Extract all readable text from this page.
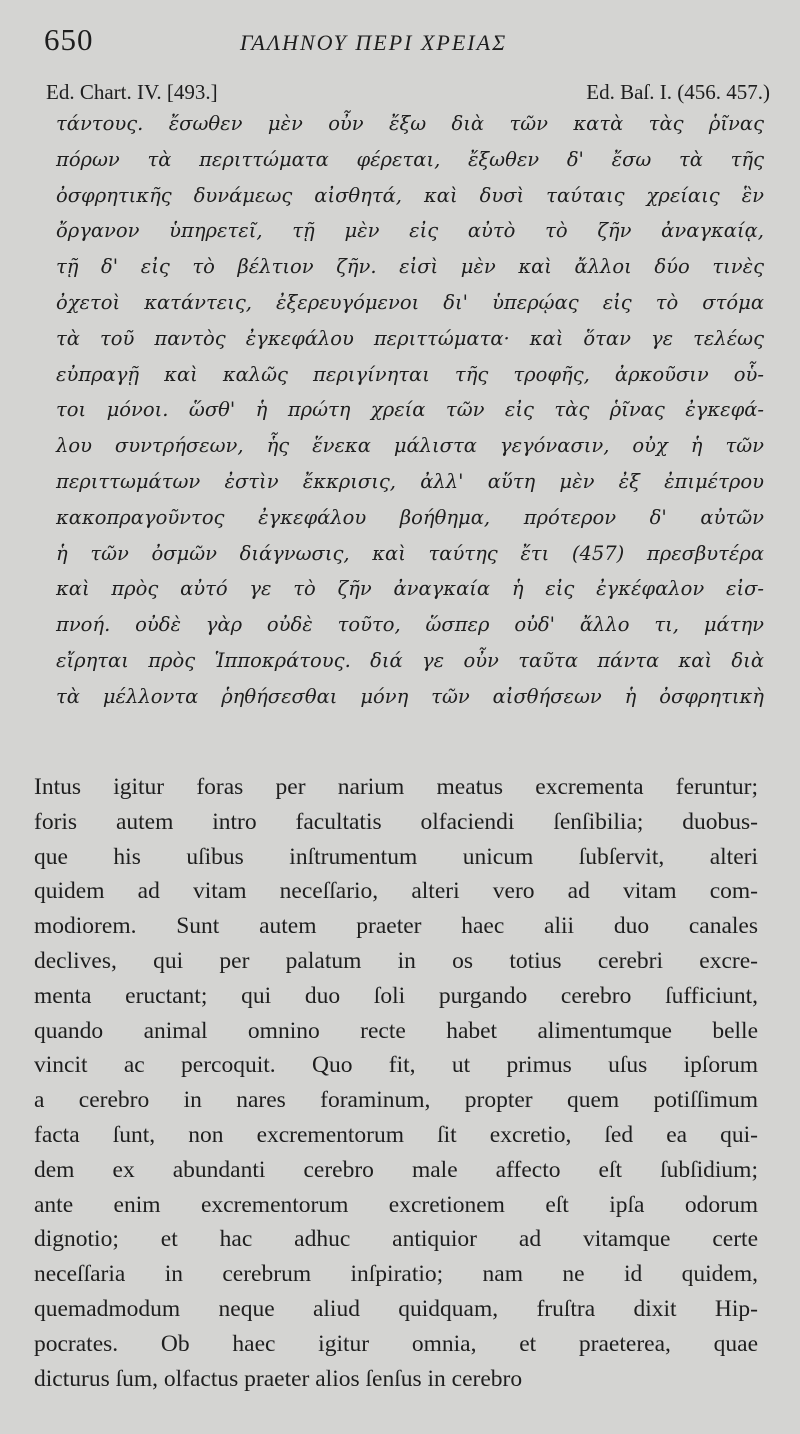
650	ΓΑΛΗΝΟΥ ΠΕΡΙ ΧΡΕΙΑΣ
Ed. Chart. IV. [493.]	Ed. Baſ. I. (456. 457.)
τάντους. ἔσωθεν μὲν οὖν ἔξω διὰ τῶν κατὰ τὰς ῥῖνας
πόρων τὰ περιττώματα φέρεται, ἔξωθεν δ' ἔσω τὰ τῆς
ὀσφρητικῆς δυνάμεως αἰσθητά, καὶ δυσὶ ταύταις χρείαις ἓν
ὄργανον ὑπηρετεῖ, τῇ μὲν εἰς αὐτὸ τὸ ζῆν ἀναγκαίᾳ,
τῇ δ' εἰς τὸ βέλτιον ζῆν. εἰσὶ μὲν καὶ ἄλλοι δύο τινὲς
ὀχετοὶ κατάντεις, ἐξερευγόμενοι δι' ὑπερῴας εἰς τὸ στόμα
τὰ τοῦ παντὸς ἐγκεφάλου περιττώματα· καὶ ὅταν γε τελέως
εὐπραγῇ καὶ καλῶς περιγίνηται τῆς τροφῆς, ἀρκοῦσιν οὗ-
τοι μόνοι. ὥσθ' ἡ πρώτη χρεία τῶν εἰς τὰς ῥῖνας ἐγκεφά-
λου συντρήσεων, ἧς ἕνεκα μάλιστα γεγόνασιν, οὐχ ἡ τῶν
περιττωμάτων ἐστὶν ἔκκρισις, ἀλλ' αὕτη μὲν ἐξ ἐπιμέτρου
κακοπραγοῦντος ἐγκεφάλου βοήθημα, πρότερον δ' αὐτῶν
ἡ τῶν ὀσμῶν διάγνωσις, καὶ ταύτης ἔτι (457) πρεσβυτέρα
καὶ πρὸς αὐτό γε τὸ ζῆν ἀναγκαία ἡ εἰς ἐγκέφαλον εἰσ-
πνοή. οὐδὲ γὰρ οὐδὲ τοῦτο, ὥσπερ οὐδ' ἄλλο τι, μάτην
εἴρηται πρὸς Ἱπποκράτους. διά γε οὖν ταῦτα πάντα καὶ διὰ
τὰ μέλλοντα ῥηθήσεσθαι μόνη τῶν αἰσθήσεων ἡ ὀσφρητικὴ
Intus igitur foras per narium meatus excrementa feruntur;
foris autem intro facultatis olfaciendi ſenſibilia; duobus-
que his uſibus inſtrumentum unicum ſubſervit, alteri
quidem ad vitam neceſſario, alteri vero ad vitam com-
modiorem. Sunt autem praeter haec alii duo canales
declives, qui per palatum in os totius cerebri excre-
menta eructant; qui duo ſoli purgando cerebro ſufficiunt,
quando animal omnino recte habet alimentumque belle
vincit ac percoquit. Quo fit, ut primus uſus ipſorum
a cerebro in nares foraminum, propter quem potiſſimum
facta ſunt, non excrementorum ſit excretio, ſed ea qui-
dem ex abundanti cerebro male affecto eſt ſubſidium;
ante enim excrementorum excretionem eſt ipſa odorum
dignotio; et hac adhuc antiquior ad vitamque certe
neceſſaria in cerebrum inſpiratio; nam ne id quidem,
quemadmodum neque aliud quidquam, fruſtra dixit Hip-
pocrates. Ob haec igitur omnia, et praeterea, quae
dicturus ſum, olfactus praeter alios ſenſus in cerebro
